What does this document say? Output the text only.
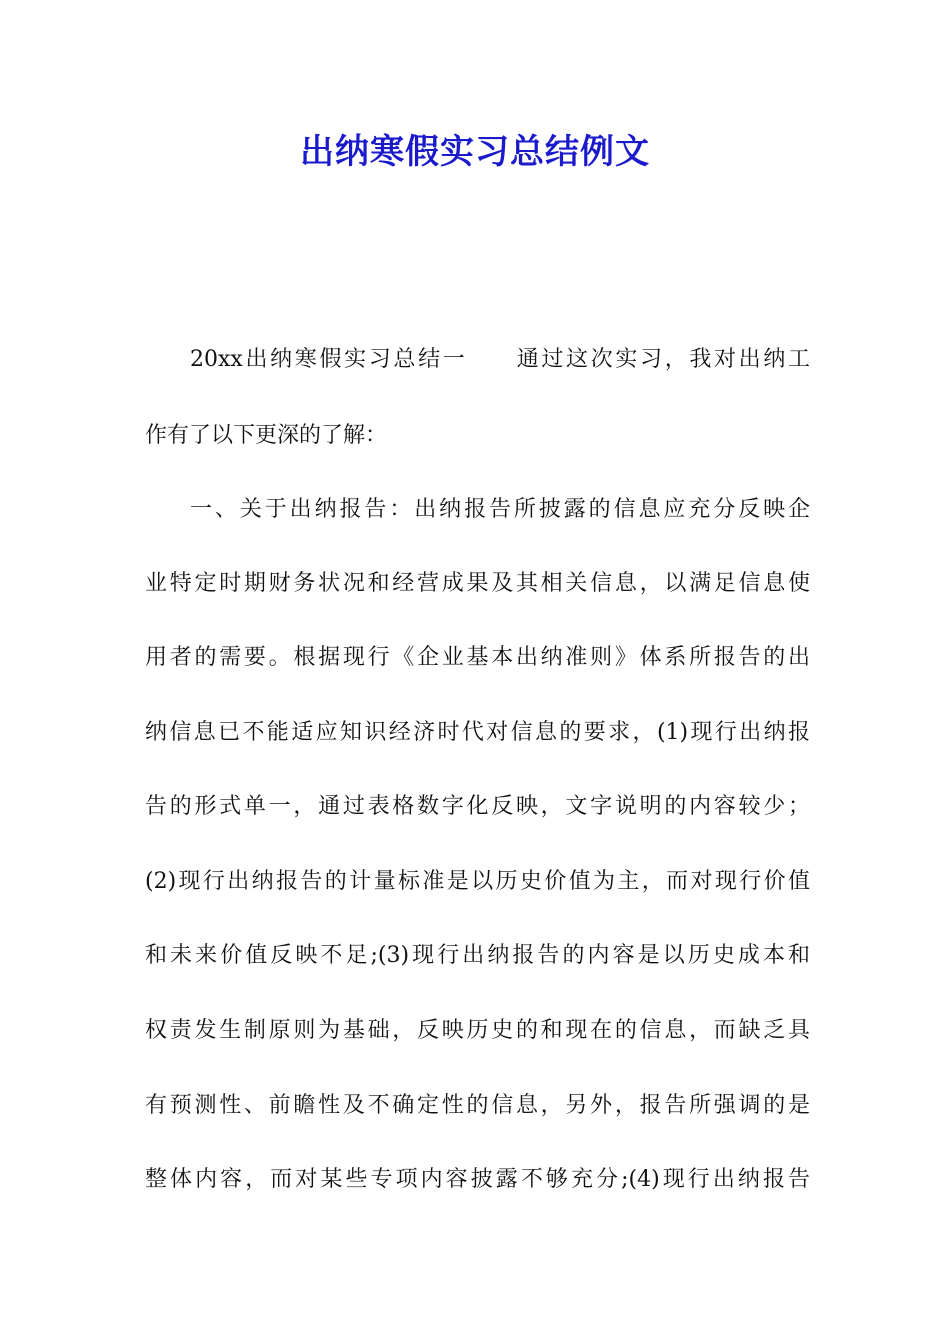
出纳寒假实习总结例文
20xx出纳寒假实习总结一　　通过这次实习，我对出纳工
作有了以下更深的了解：
一、关于出纳报告：出纳报告所披露的信息应充分反映企
业特定时期财务状况和经营成果及其相关信息，以满足信息使
用者的需要。根据现行《企业基本出纳准则》体系所报告的出
纳信息已不能适应知识经济时代对信息的要求，(1)现行出纳报
告的形式单一，通过表格数字化反映，文字说明的内容较少；
(2)现行出纳报告的计量标准是以历史价值为主，而对现行价值
和未来价值反映不足;(3)现行出纳报告的内容是以历史成本和
权责发生制原则为基础，反映历史的和现在的信息，而缺乏具
有预测性、前瞻性及不确定性的信息，另外，报告所强调的是
整体内容，而对某些专项内容披露不够充分;(4)现行出纳报告
